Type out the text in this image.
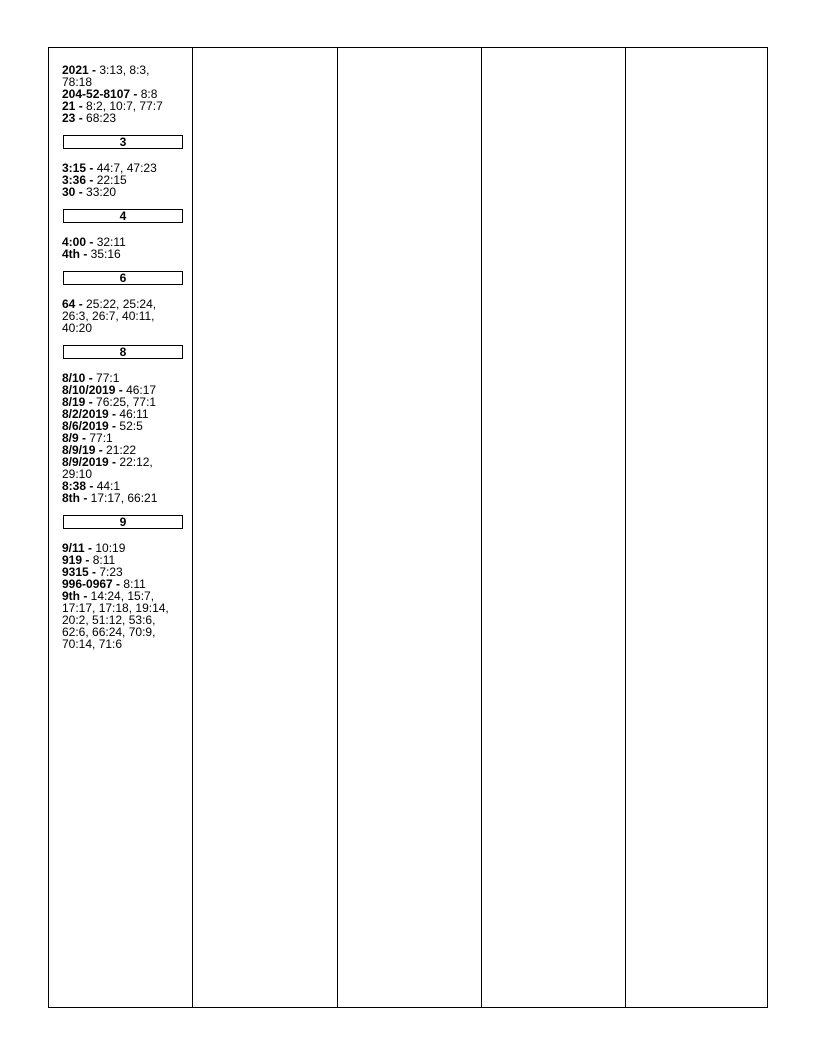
2021 - 3:13, 8:3, 78:18

204-52-8107 - 8:8

21 - 8:2, 10:7, 77:7

23 - 68:23

3

3:15 - 44:7, 47:23

3:36 - 22:15

30 - 33:20

4

4:00 - 32:11

4th - 35:16

6

64 - 25:22, 25:24, 26:3, 26:7, 40:11, 40:20

8

8/10 - 77:1

8/10/2019 - 46:17

8/19 - 76:25, 77:1

8/2/2019 - 46:11

8/6/2019 - 52:5

8/9 - 77:1

8/9/19 - 21:22

8/9/2019 - 22:12, 29:10

8:38 - 44:1

8th - 17:17, 66:21

9

9/11 - 10:19

919 - 8:11

9315 - 7:23

996-0967 - 8:11

9th - 14:24, 15:7, 17:17, 17:18, 19:14, 20:2, 51:12, 53:6, 62:6, 66:24, 70:9, 70:14, 71:6
